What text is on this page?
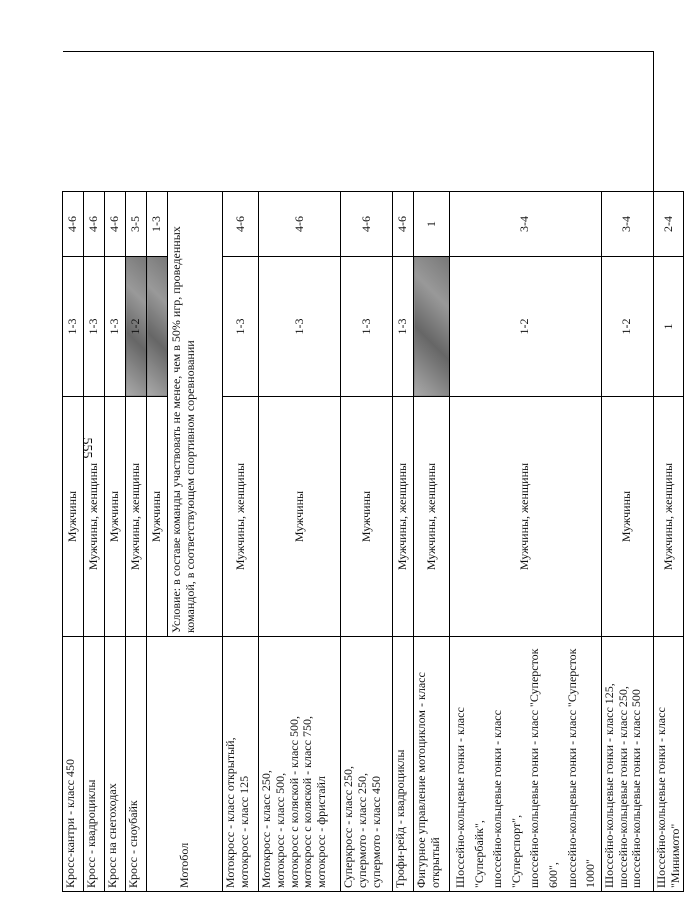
555
Кросс-кантри - класс 450	Мужчины	1-3	4-6	
Кросс - квадроциклы	Мужчины, женщины	1-3	4-6	
Кросс на снегоходах	Мужчины	1-3	4-6	
Кросс - сноубайк	Мужчины, женщины	1-2	3-5	
Мотобол	Мужчины		1-3	
	Условие: в составе команды участвовать не менее, чем в 50% игр, проведенных командой, в соответствующем спортивном соревновании			

Мотокросс - класс открытый, мотокросс - класс 125	Мужчины, женщины	1-3	4-6	

Мотокросс - класс 250, мотокросс - класс 500, мотокросс с коляской - класс 500, мотокросс с коляской - класс 750, мотокросс - фристайл	Мужчины	1-3	4-6	

Суперкросс - класс 250, супермото - класс 250, супермото - класс 450	Мужчины	1-3	4-6	
Трофи-рейд - квадроциклы	Мужчины, женщины	1-3	4-6	

Фигурное управление мотоциклом - класс открытый	Мужчины, женщины		1	

Шоссейно-кольцевые гонки - класс "Супербайк", шоссейно-кольцевые гонки - класс "Суперспорт", шоссейно-кольцевые гонки - класс "Суперсток 600", шоссейно-кольцевые гонки - класс "Суперсток 1000"	Мужчины, женщины	1-2	3-4	

Шоссейно-кольцевые гонки - класс 125, шоссейно-кольцевые гонки - класс 250, шоссейно-кольцевые гонки - класс 500	Мужчины	1-2	3-4	
Шоссейно-кольцевые гонки - класс "Минимото"	Мужчины, женщины	1	2-4	
